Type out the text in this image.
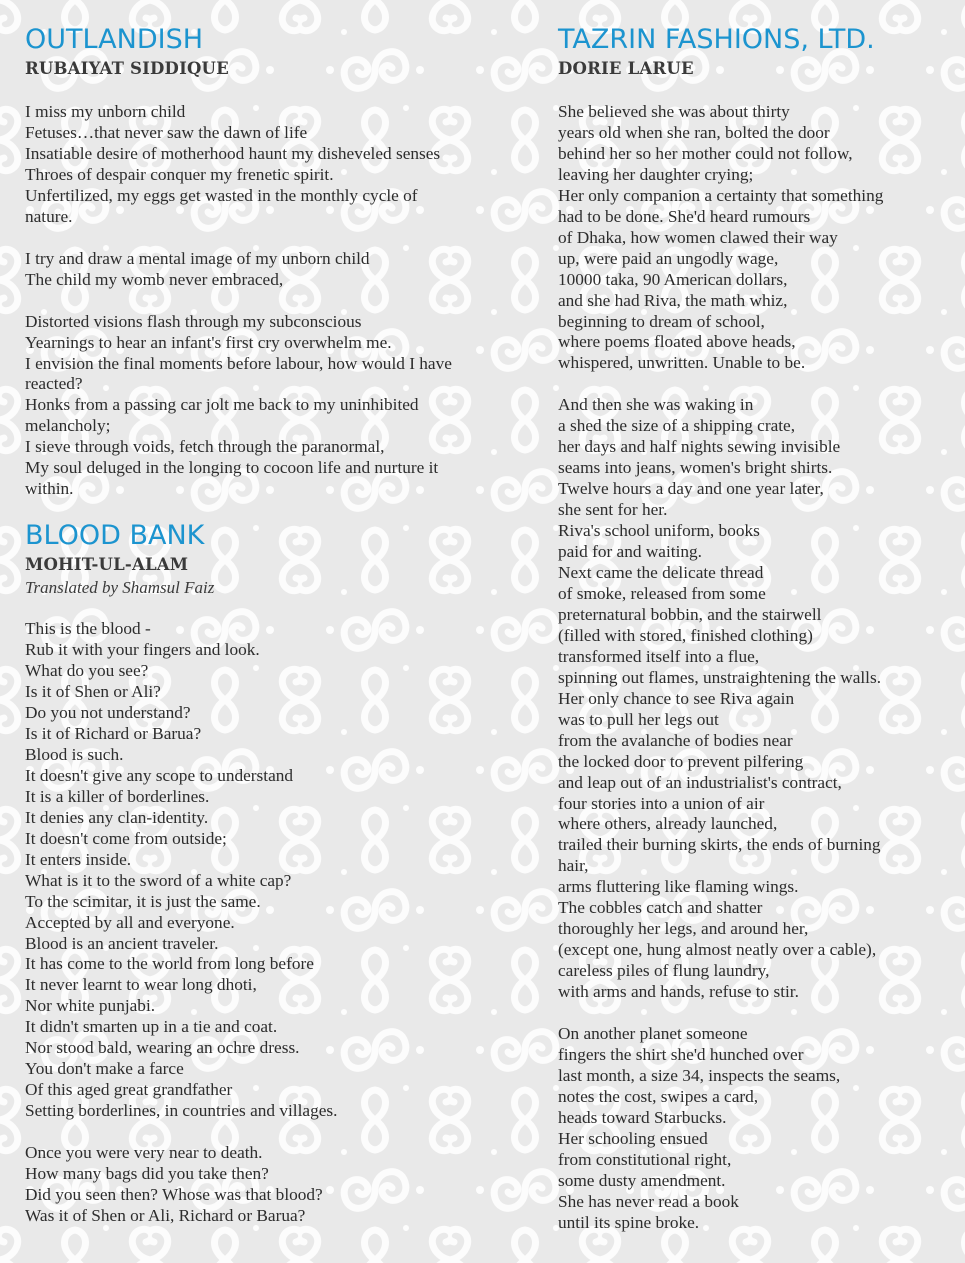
OUTLANDISH
RUBAIYAT SIDDIQUE
I miss my unborn child
Fetuses…that never saw the dawn of life
Insatiable desire of motherhood haunt my disheveled senses
Throes of despair conquer my frenetic spirit.
Unfertilized, my eggs get wasted in the monthly cycle of
nature.
I try and draw a mental image of my unborn child
The child my womb never embraced,
Distorted visions flash through my subconscious
Yearnings to hear an infant's first cry overwhelm me.
I envision the final moments before labour, how would I have
reacted?
Honks from a passing car jolt me back to my uninhibited
melancholy;
I sieve through voids, fetch through the paranormal,
My soul deluged in the longing to cocoon life and nurture it
within.
BLOOD BANK
MOHIT-UL-ALAM
Translated by Shamsul Faiz
This is the blood -
Rub it with your fingers and look.
What do you see?
Is it of Shen or Ali?
Do you not understand?
Is it of Richard or Barua?
Blood is such.
It doesn't give any scope to understand
It is a killer of borderlines.
It denies any clan-identity.
It doesn't come from outside;
It enters inside.
What is it to the sword of a white cap?
To the scimitar, it is just the same.
Accepted by all and everyone.
Blood is an ancient traveler.
It has come to the world from long before
It never learnt to wear long dhoti,
Nor white punjabi.
It didn't smarten up in a tie and coat.
Nor stood bald, wearing an ochre dress.
You don't make a farce
Of this aged great grandfather
Setting borderlines, in countries and villages.
Once you were very near to death.
How many bags did you take then?
Did you seen then? Whose was that blood?
Was it of Shen or Ali, Richard or Barua?
TAZRIN FASHIONS, LTD.
DORIE LARUE
She believed she was about thirty
years old when she ran, bolted the door
behind her so her mother could not follow,
leaving her daughter crying;
Her only companion a certainty that something
had to be done. She'd heard rumours
of Dhaka, how women clawed their way
up, were paid an ungodly wage,
10000 taka, 90 American dollars,
and she had Riva, the math whiz,
beginning to dream of school,
where poems floated above heads,
whispered, unwritten. Unable to be.
And then she was waking in
a shed the size of a shipping crate,
her days and half nights sewing invisible
seams into jeans, women's bright shirts.
Twelve hours a day and one year later,
she sent for her.
Riva's school uniform, books
paid for and waiting.
Next came the delicate thread
of smoke, released from some
preternatural bobbin, and the stairwell
(filled with stored, finished clothing)
transformed itself into a flue,
spinning out flames, unstraightening the walls.
Her only chance to see Riva again
was to pull her legs out
from the avalanche of bodies near
the locked door to prevent pilfering
and leap out of an industrialist's contract,
four stories into a union of air
where others, already launched,
trailed their burning skirts, the ends of burning
hair,
arms fluttering like flaming wings.
The cobbles catch and shatter
thoroughly her legs, and around her,
(except one, hung almost neatly over a cable),
careless piles of flung laundry,
with arms and hands, refuse to stir.
On another planet someone
fingers the shirt she'd hunched over
last month, a size 34, inspects the seams,
notes the cost, swipes a card,
heads toward Starbucks.
Her schooling ensued
from constitutional right,
some dusty amendment.
She has never read a book
until its spine broke.
